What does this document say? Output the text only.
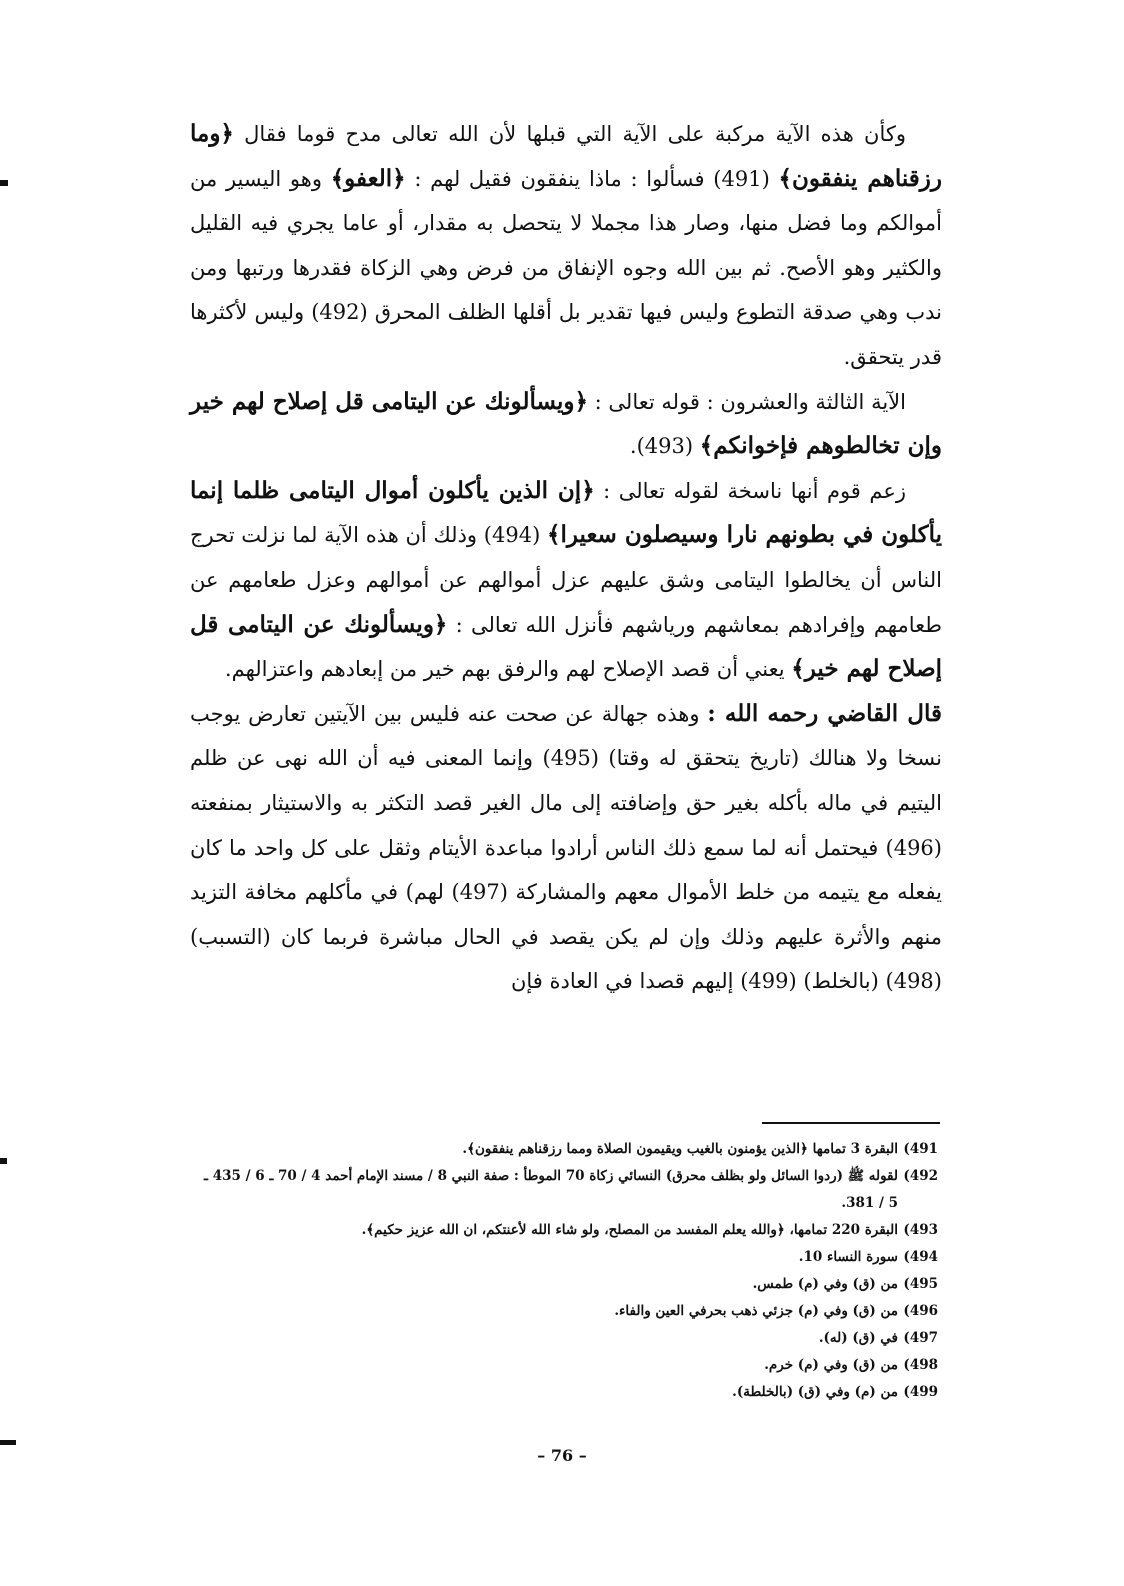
وكأن هذه الآية مركبة على الآية التي قبلها لأن الله تعالى مدح قوما فقال ﴿وما رزقناهم ينفقون﴾ (491) فسألوا : ماذا ينفقون فقيل لهم : ﴿العفو﴾ وهو اليسير من أموالكم وما فضل منها، وصار هذا مجملا لا يتحصل به مقدار، أو عاما يجري فيه القليل والكثير وهو الأصح. ثم بين الله وجوه الإنفاق من فرض وهي الزكاة فقدرها ورتبها ومن ندب وهي صدقة التطوع وليس فيها تقدير بل أقلها الظلف المحرق (492) وليس لأكثرها قدر يتحقق.

الآية الثالثة والعشرون : قوله تعالى : ﴿ويسألونك عن اليتامى قل إصلاح لهم خير وإن تخالطوهم فإخوانكم﴾ (493).

زعم قوم أنها ناسخة لقوله تعالى : ﴿إن الذين يأكلون أموال اليتامى ظلما إنما يأكلون في بطونهم نارا وسيصلون سعيرا﴾ (494) وذلك أن هذه الآية لما نزلت تحرج الناس أن يخالطوا اليتامى وشق عليهم عزل أموالهم عن أموالهم وعزل طعامهم عن طعامهم وإفرادهم بمعاشهم ورياشهم فأنزل الله تعالى : ﴿ويسألونك عن اليتامى قل إصلاح لهم خير﴾ يعني أن قصد الإصلاح لهم والرفق بهم خير من إبعادهم واعتزالهم.

قال القاضي رحمه الله : وهذه جهالة عن صحت عنه فليس بين الآيتين تعارض يوجب نسخا ولا هنالك (تاريخ يتحقق له وقتا) (495) وإنما المعنى فيه أن الله نهى عن ظلم اليتيم في ماله بأكله بغير حق وإضافته إلى مال الغير قصد التكثر به والاستيثار بمنفعته (496) فيحتمل أنه لما سمع ذلك الناس أرادوا مباعدة الأيتام وثقل على كل واحد ما كان يفعله مع يتيمه من خلط الأموال معهم والمشاركة (497) لهم) في مأكلهم مخافة التزيد منهم والأثرة عليهم وذلك وإن لم يكن يقصد في الحال مباشرة فربما كان (التسبب) (498) (بالخلط) (499) إليهم قصدا في العادة فإن

491)
البقرة 3 تمامها ﴿الذين يؤمنون بالغيب ويقيمون الصلاة ومما رزقناهم ينفقون﴾.
492)
لقوله ﷺ (ردوا السائل ولو بظلف محرق) النسائي زكاة 70 الموطأ : صفة النبي 8 / مسند الإمام أحمد 4 / 70 ـ 6 / 435 ـ 5 / 381.
493)
البقرة 220 تمامها، ﴿والله يعلم المفسد من المصلح، ولو شاء الله لأعنتكم، ان الله عزيز حكيم﴾.
494)
سورة النساء 10.
495)
من (ق) وفي (م) طمس.
496)
من (ق) وفي (م) جزئي ذهب بحرفي العين والفاء.
497)
في (ق) (له).
498)
من (ق) وفي (م) خرم.
499)
من (م) وفي (ق) (بالخلطة).
– 76 –
